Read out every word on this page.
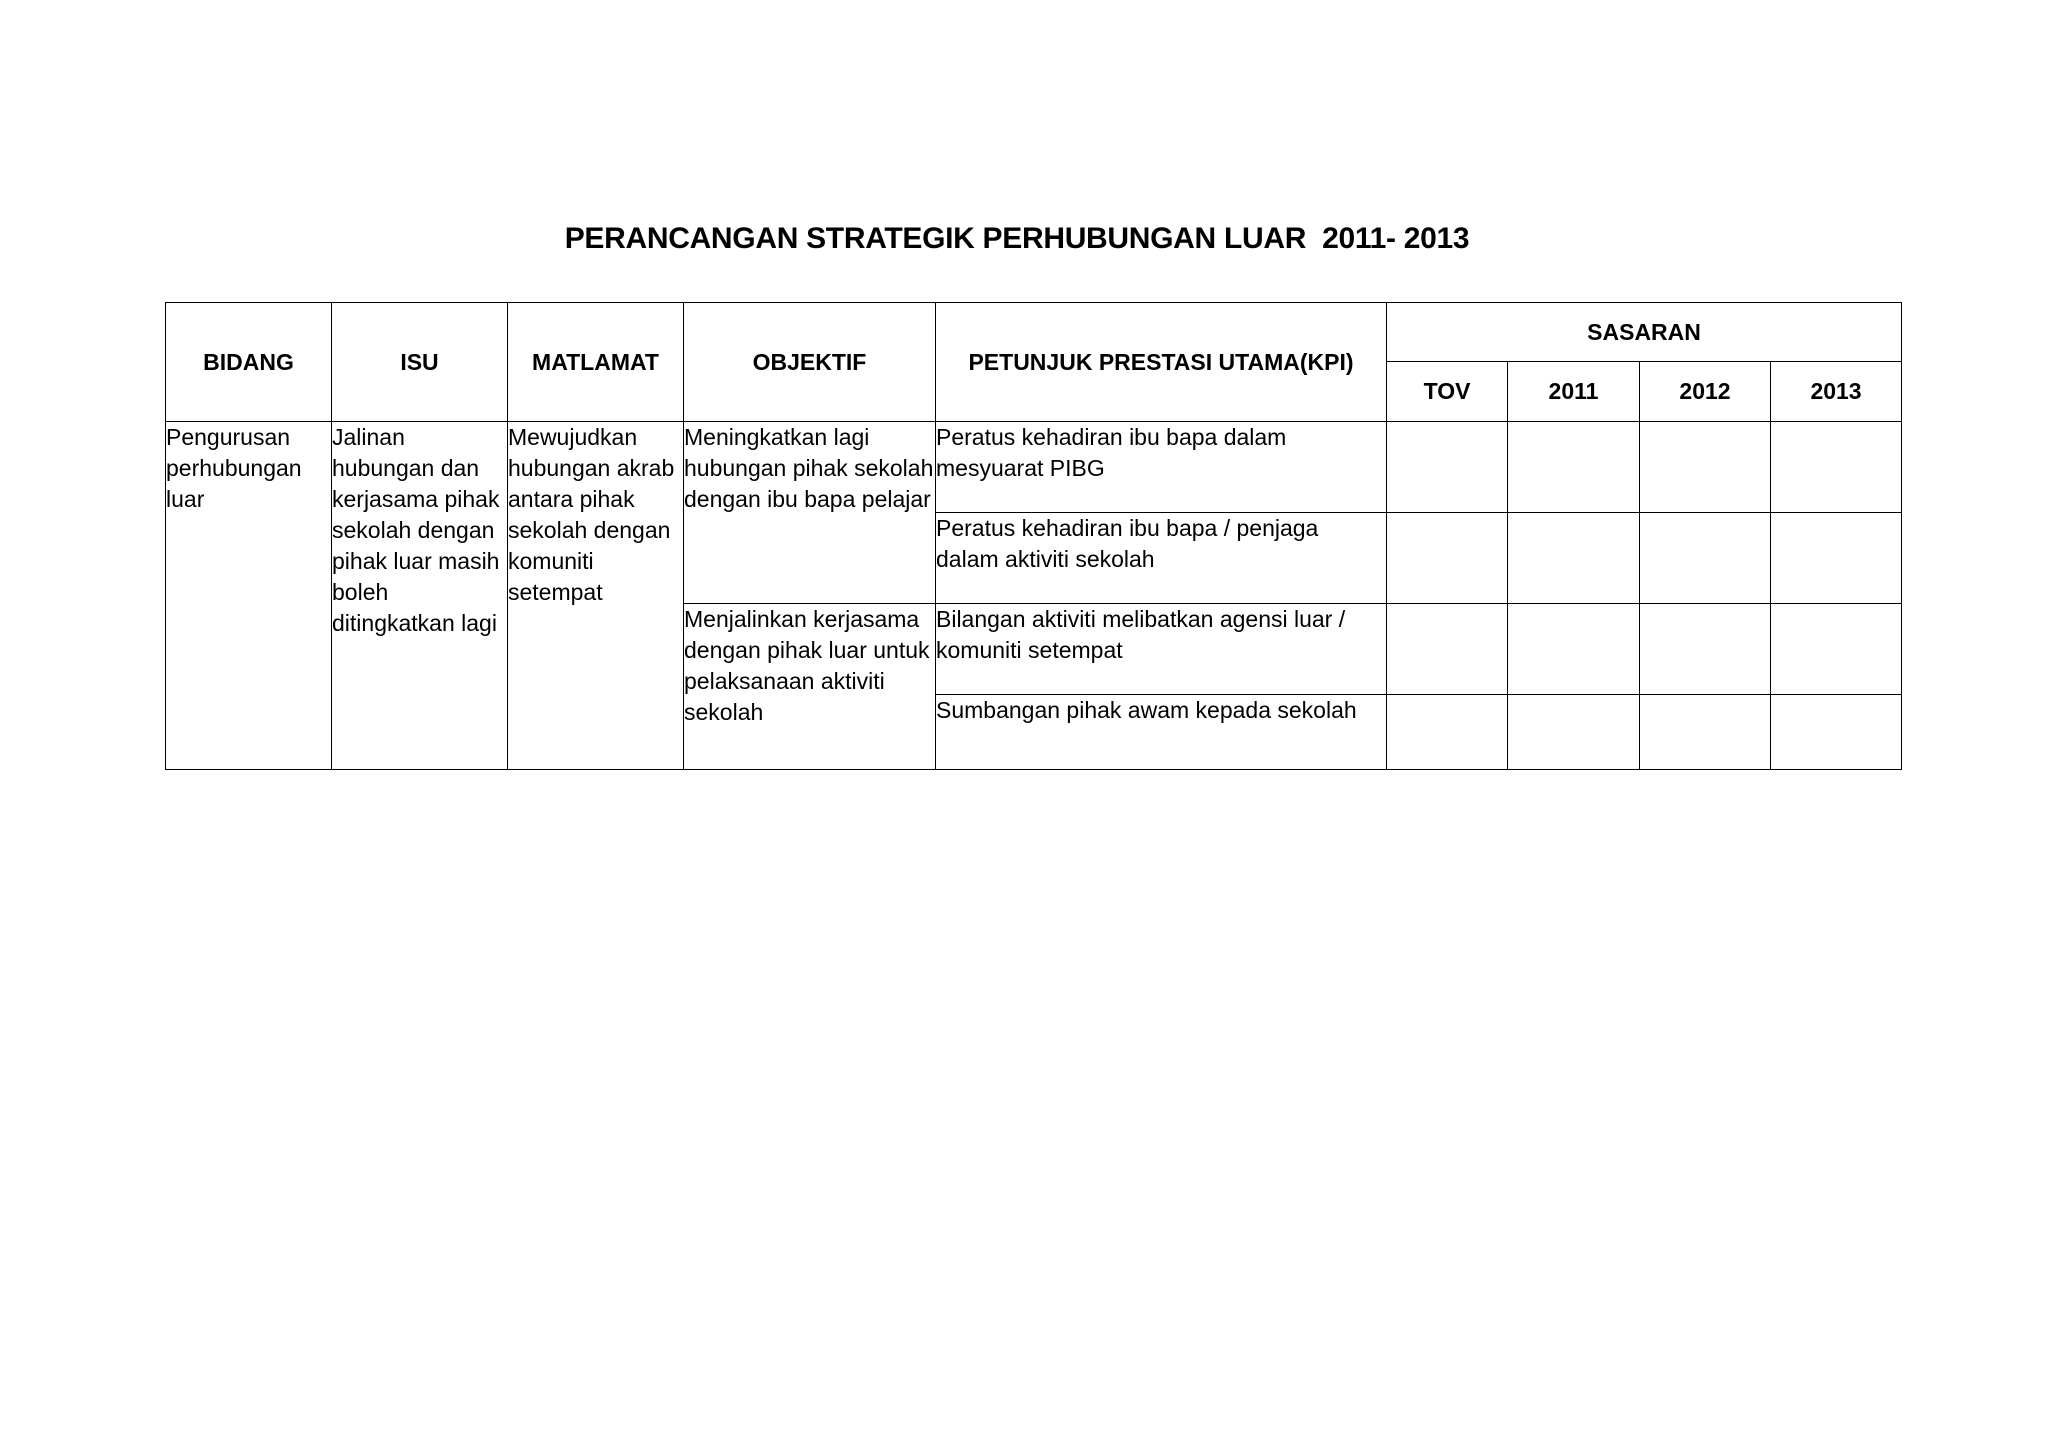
PERANCANGAN STRATEGIK PERHUBUNGAN LUAR  2011- 2013
BIDANG	ISU	MATLAMAT	OBJEKTIF	PETUNJUK PRESTASI UTAMA(KPI)	SASARAN			
					TOV	2011	2012	2013
Pengurusan perhubungan luar	Jalinan hubungan dan kerjasama pihak sekolah dengan pihak luar masih boleh ditingkatkan lagi	Mewujudkan hubungan akrab antara pihak sekolah dengan komuniti setempat	Meningkatkan lagi hubungan pihak sekolah dengan ibu bapa pelajar	Peratus kehadiran ibu bapa dalam mesyuarat PIBG				
				Peratus kehadiran ibu bapa / penjaga dalam aktiviti sekolah				
			Menjalinkan kerjasama dengan pihak luar untuk pelaksanaan aktiviti sekolah	Bilangan aktiviti melibatkan agensi luar / komuniti setempat				
				Sumbangan pihak awam kepada sekolah				
